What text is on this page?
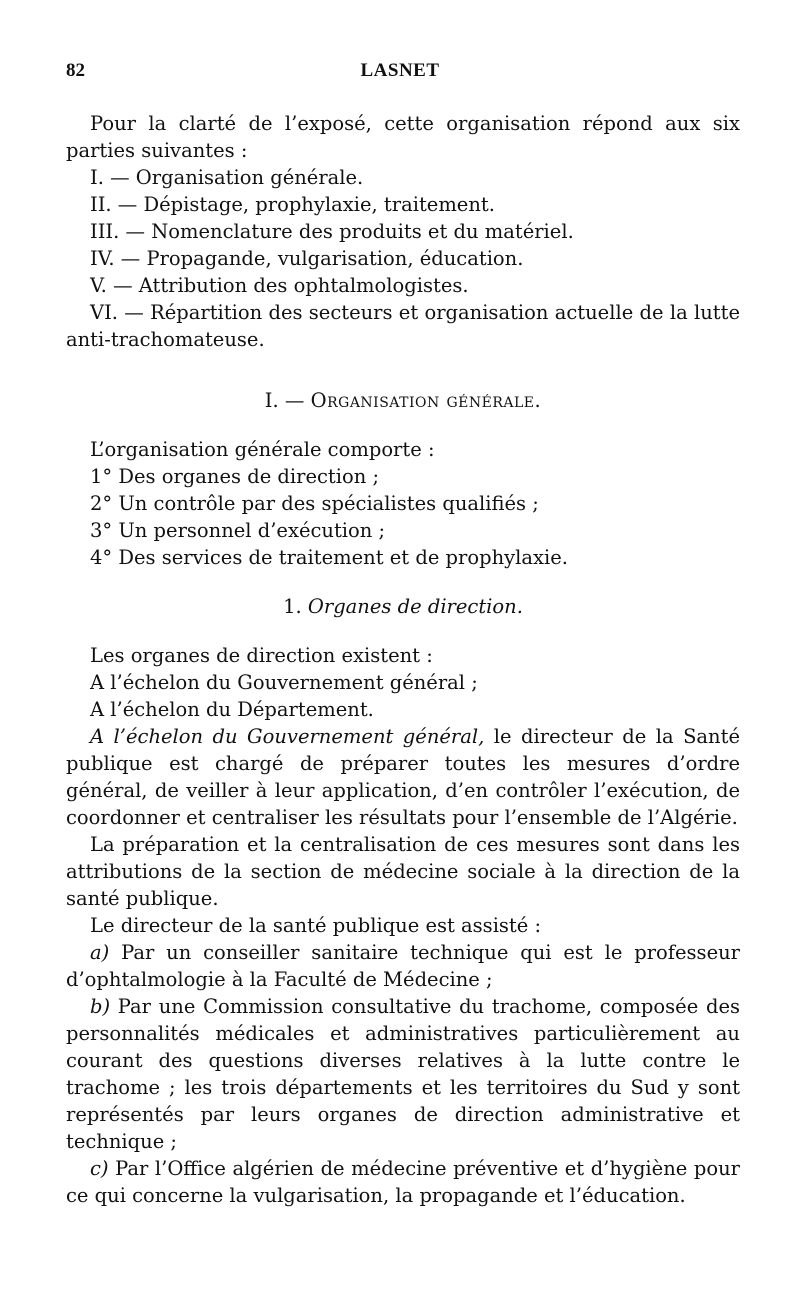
82	LASNET

Pour la clarté de l’exposé, cette organisation répond aux six parties suivantes :

I. — Organisation générale.

II. — Dépistage, prophylaxie, traitement.

III. — Nomenclature des produits et du matériel.

IV. — Propagande, vulgarisation, éducation.

V. — Attribution des ophtalmologistes.

VI. — Répartition des secteurs et organisation actuelle de la lutte anti-trachomateuse.

I. — Organisation générale.

L’organisation générale comporte :

1° Des organes de direction ;

2° Un contrôle par des spécialistes qualifiés ;

3° Un personnel d’exécution ;

4° Des services de traitement et de prophylaxie.

1. Organes de direction.

Les organes de direction existent :

A l’échelon du Gouvernement général ;

A l’échelon du Département.

A l’échelon du Gouvernement général, le directeur de la Santé publique est chargé de préparer toutes les mesures d’ordre général, de veiller à leur application, d’en contrôler l’exécution, de coordonner et centraliser les résultats pour l’ensemble de l’Algérie.

La préparation et la centralisation de ces mesures sont dans les attributions de la section de médecine sociale à la direction de la santé publique.

Le directeur de la santé publique est assisté :

a) Par un conseiller sanitaire technique qui est le professeur d’ophtalmologie à la Faculté de Médecine ;

b) Par une Commission consultative du trachome, composée des personnalités médicales et administratives particulièrement au courant des questions diverses relatives à la lutte contre le trachome ; les trois départements et les territoires du Sud y sont représentés par leurs organes de direction administrative et technique ;

c) Par l’Office algérien de médecine préventive et d’hygiène pour ce qui concerne la vulgarisation, la propagande et l’éducation.
